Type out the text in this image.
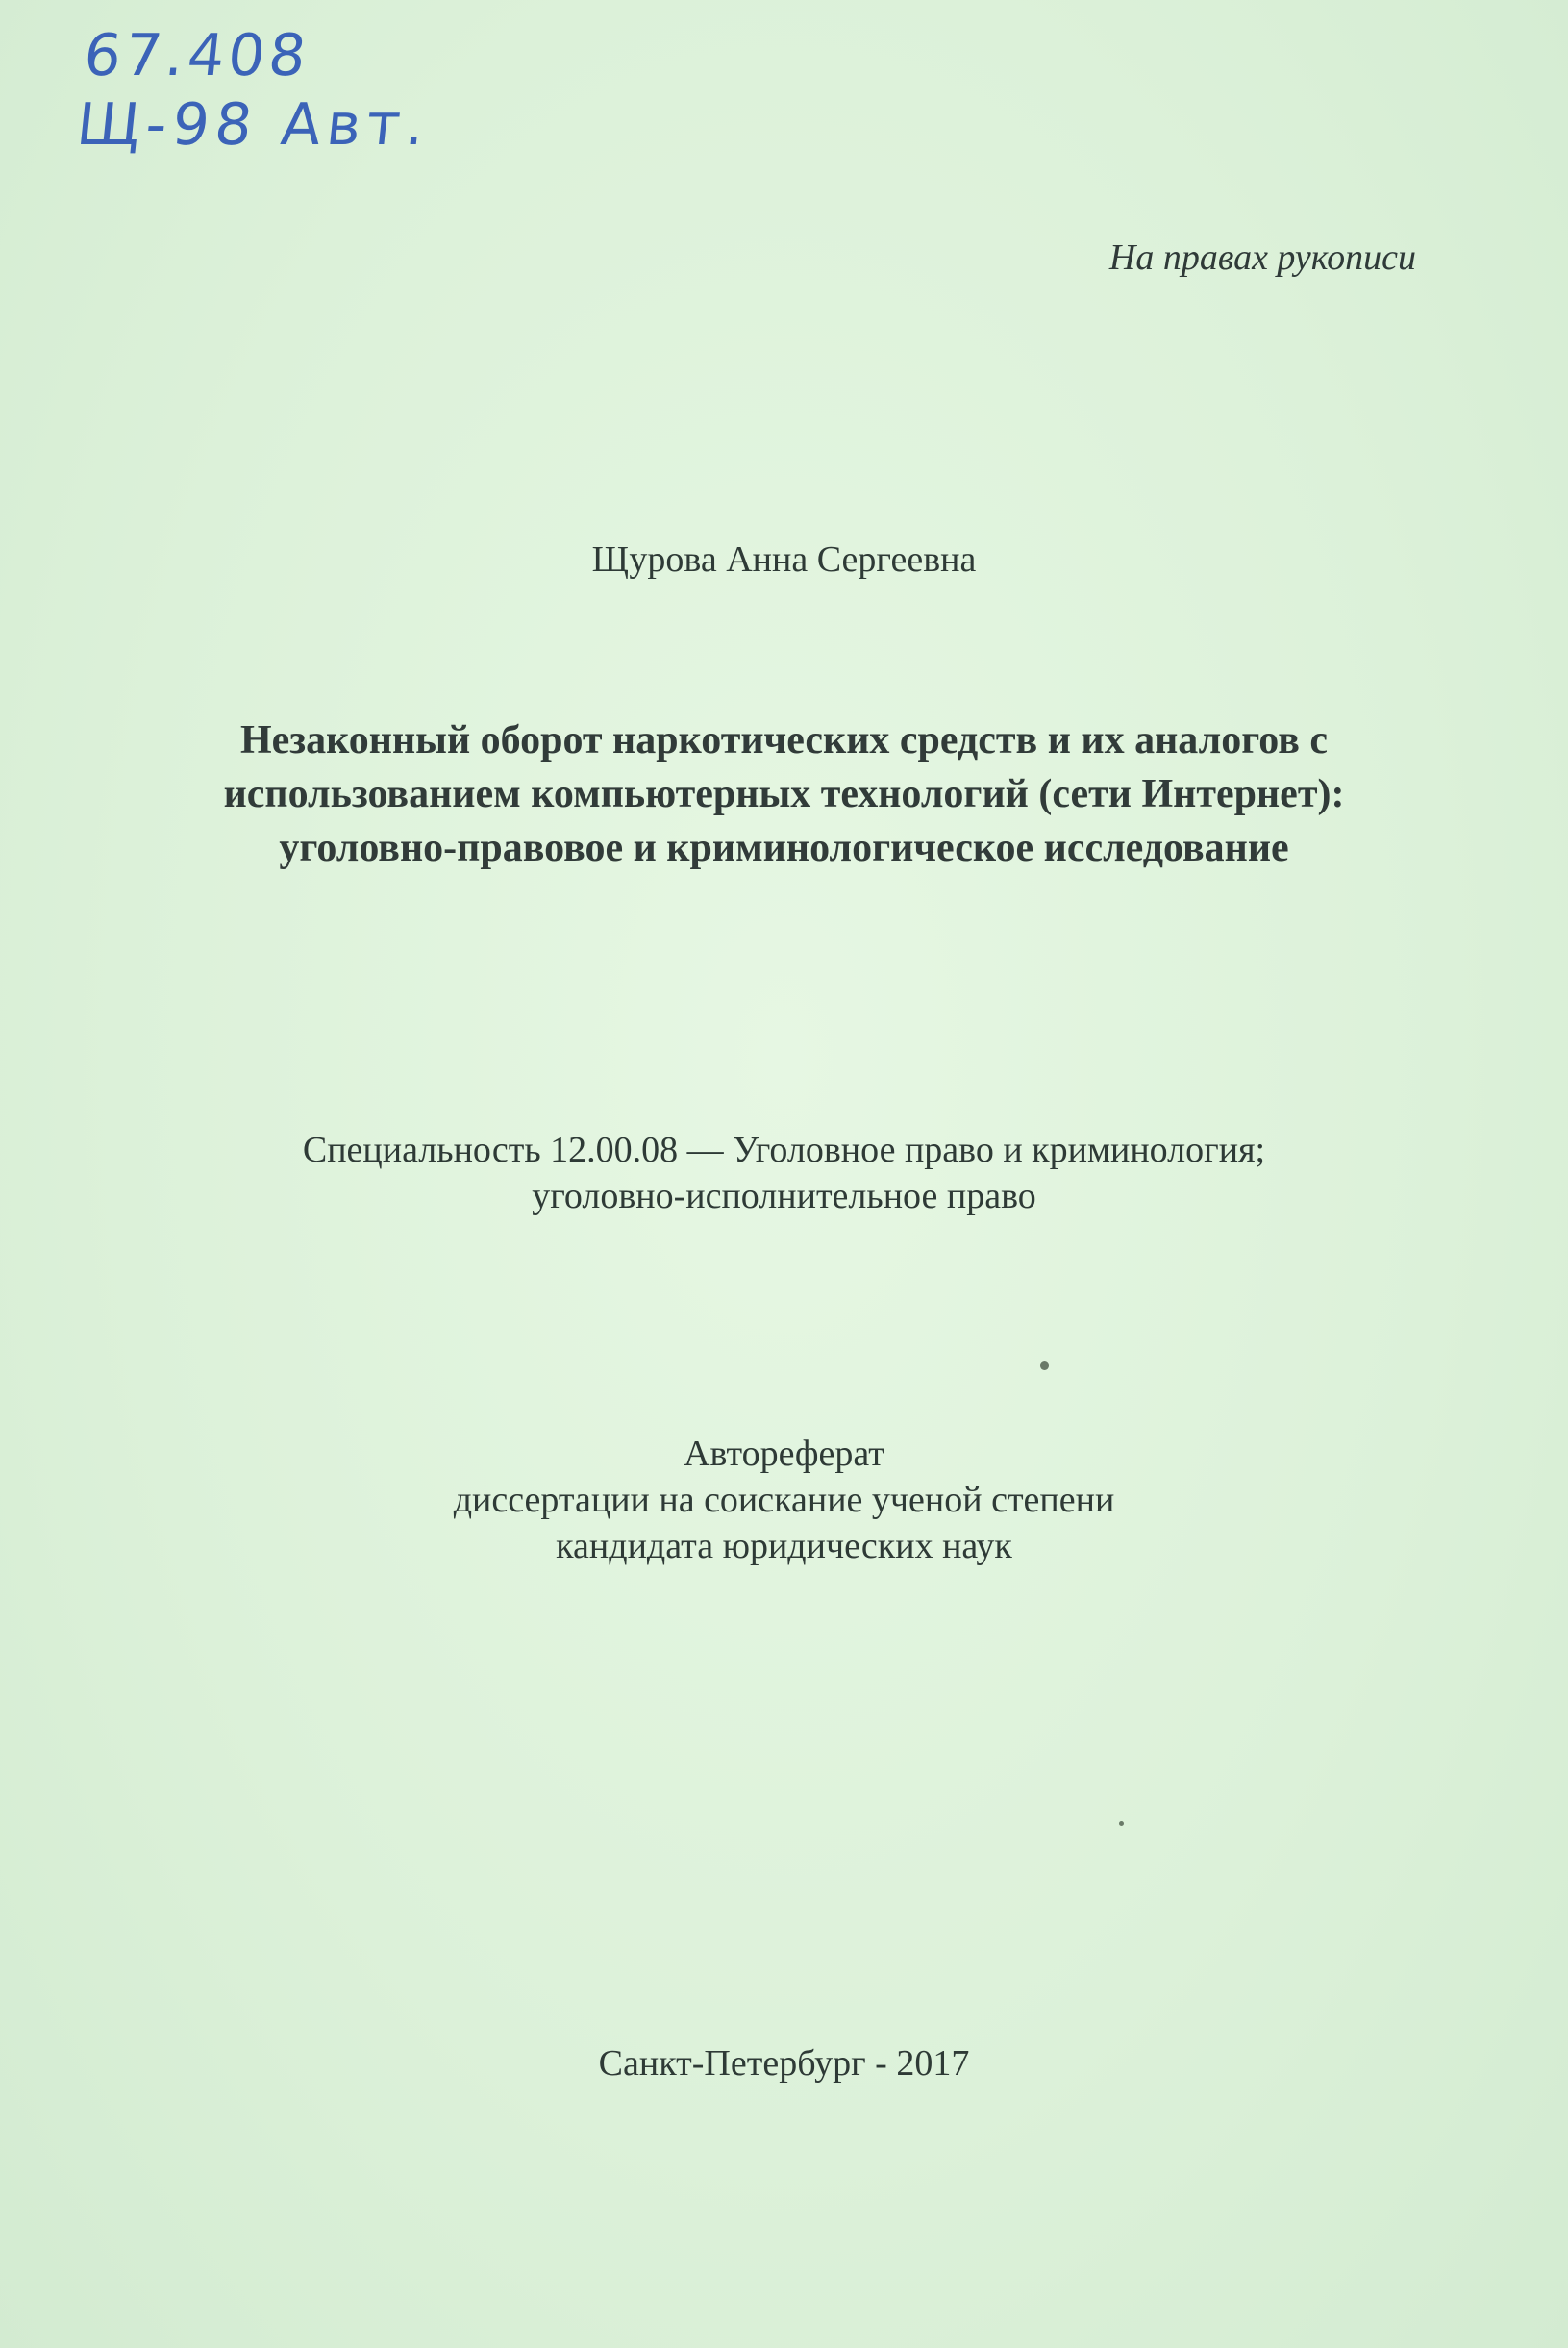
67.408
Щ-98 Авт.
На правах рукописи
Щурова Анна Сергеевна
Незаконный оборот наркотических средств и их аналогов с
использованием компьютерных технологий (сети Интернет):
уголовно-правовое и криминологическое исследование
Специальность 12.00.08 — Уголовное право и криминология;
уголовно-исполнительное право
Автореферат
диссертации на соискание ученой степени
кандидата юридических наук
Санкт-Петербург - 2017
